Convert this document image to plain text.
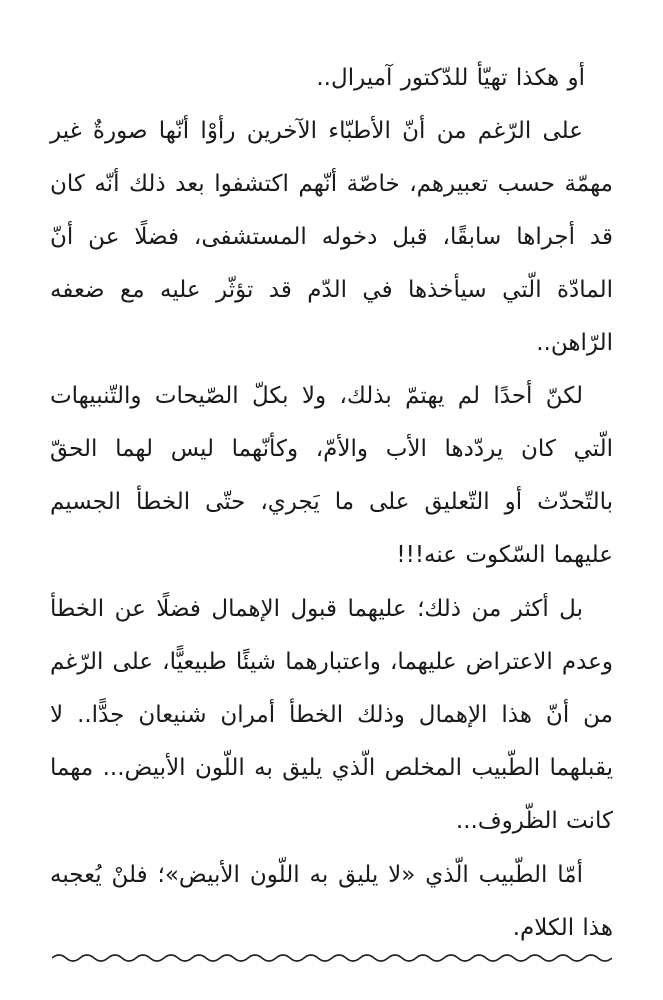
أو هكذا تهيّأ للدّكتور آميرال..

على الرّغم من أنّ الأطبّاء الآخرين رأوْا أنّها صورةٌ غير مهمّة حسب تعبيرهم، خاصّة أنّهم اكتشفوا بعد ذلك أنّه كان قد أجراها سابقًا، قبل دخوله المستشفى، فضلًا عن أنّ المادّة الّتي سيأخذها في الدّم قد تؤثّر عليه مع ضعفه الرّاهن..

لكنّ أحدًا لم يهتمّ بذلك، ولا بكلّ الصّيحات والتّنبيهات الّتي كان يردّدها الأب والأمّ، وكأنّهما ليس لهما الحقّ بالتّحدّث أو التّعليق على ما يَجري، حتّى الخطأ الجسيم عليهما السّكوت عنه!!!

بل أكثر من ذلك؛ عليهما قبول الإهمال فضلًا عن الخطأ وعدم الاعتراض عليهما، واعتبارهما شيئًا طبيعيًّا، على الرّغم من أنّ هذا الإهمال وذلك الخطأ أمران شنيعان جدًّا.. لا يقبلهما الطّبيب المخلص الّذي يليق به اللّون الأبيض... مهما كانت الظّروف...

أمّا الطّبيب الّذي «لا يليق به اللّون الأبيض»؛ فلنْ يُعجبه هذا الكلام.
